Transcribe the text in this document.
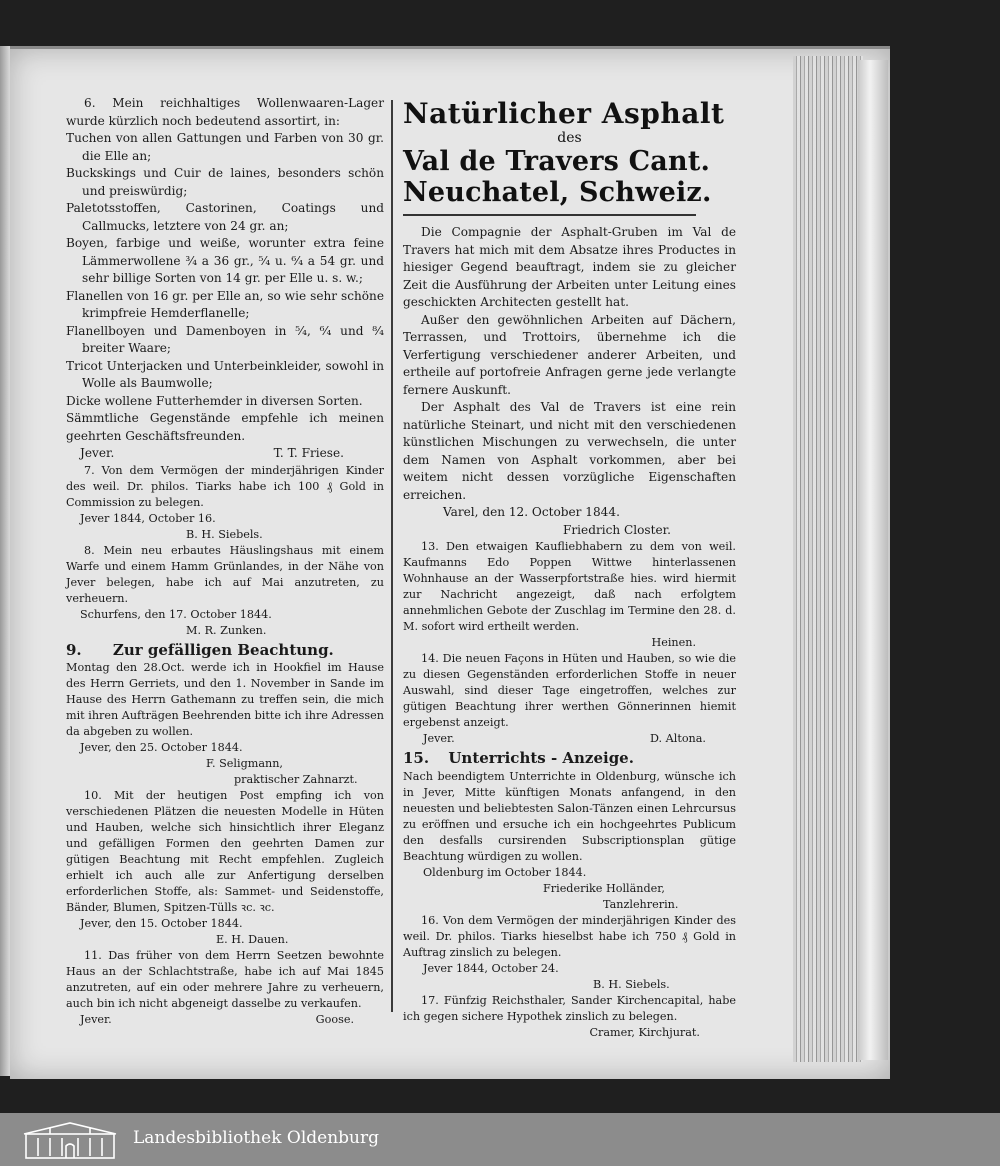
6. Mein reichhaltiges Wollenwaaren-Lager wurde kürzlich noch bedeutend assortirt, in:

Tuchen von allen Gattungen und Farben von 30 gr. die Elle an;

Buckskings und Cuir de laines, besonders schön und preiswürdig;

Paletotsstoffen, Castorinen, Coatings und Callmucks, letztere von 24 gr. an;

Boyen, farbige und weiße, worunter extra feine Lämmerwollene ¾ a 36 gr., ⁵⁄₄ u. ⁶⁄₄ a 54 gr. und sehr billige Sorten von 14 gr. per Elle u. s. w.;

Flanellen von 16 gr. per Elle an, so wie sehr schöne krimpfreie Hemderflanelle;

Flanellboyen und Damenboyen in ⁵⁄₄, ⁶⁄₄ und ⁸⁄₄ breiter Waare;

Tricot Unterjacken und Unterbeinkleider, sowohl in Wolle als Baumwolle;

Dicke wollene Futterhemder in diversen Sorten.

Sämmtliche Gegenstände empfehle ich meinen geehrten Geschäftsfreunden.

Jever.	T. T. Friese.

7. Von dem Vermögen der minderjährigen Kinder des weil. Dr. philos. Tiarks habe ich 100 ₰ Gold in Commission zu belegen.

Jever 1844, October 16.

B. H. Siebels.

8. Mein neu erbautes Häuslingshaus mit einem Warfe und einem Hamm Grünlandes, in der Nähe von Jever belegen, habe ich auf Mai anzutreten, zu verheuern.

Schurfens, den 17. October 1844.

M. R. Zunken.

9. Zur gefälligen Beachtung.

Montag den 28.Oct. werde ich in Hookfiel im Hause des Herrn Gerriets, und den 1. November in Sande im Hause des Herrn Gathemann zu treffen sein, die mich mit ihren Aufträgen Beehrenden bitte ich ihre Adressen da abgeben zu wollen.

Jever, den 25. October 1844.

F. Seligmann,

praktischer Zahnarzt.

10. Mit der heutigen Post empfing ich von verschiedenen Plätzen die neuesten Modelle in Hüten und Hauben, welche sich hinsichtlich ihrer Eleganz und gefälligen Formen den geehrten Damen zur gütigen Beachtung mit Recht empfehlen. Zugleich erhielt ich auch alle zur Anfertigung derselben erforderlichen Stoffe, als: Sammet- und Seidenstoffe, Bänder, Blumen, Spitzen-Tülls ꝛc. ꝛc.

Jever, den 15. October 1844.

E. H. Dauen.

11. Das früher von dem Herrn Seetzen bewohnte Haus an der Schlachtstraße, habe ich auf Mai 1845 anzutreten, auf ein oder mehrere Jahre zu verheuern, auch bin ich nicht abgeneigt dasselbe zu verkaufen.

Jever.	Goose.

Natürlicher Asphalt
des
Val de Travers Cant.
Neuchatel, Schweiz.

Die Compagnie der Asphalt-Gruben im Val de Travers hat mich mit dem Absatze ihres Productes in hiesiger Gegend beauftragt, indem sie zu gleicher Zeit die Ausführung der Arbeiten unter Leitung eines geschickten Architecten gestellt hat.

Außer den gewöhnlichen Arbeiten auf Dächern, Terrassen, und Trottoirs, übernehme ich die Verfertigung verschiedener anderer Arbeiten, und ertheile auf portofreie Anfragen gerne jede verlangte fernere Auskunft.

Der Asphalt des Val de Travers ist eine rein natürliche Steinart, und nicht mit den verschiedenen künstlichen Mischungen zu verwechseln, die unter dem Namen von Asphalt vorkommen, aber bei weitem nicht dessen vorzügliche Eigenschaften erreichen.

Varel, den 12. October 1844.

Friedrich Closter.

13. Den etwaigen Kaufliebhabern zu dem von weil. Kaufmanns Edo Poppen Wittwe hinterlassenen Wohnhause an der Wasserpfortstraße hies. wird hiermit zur Nachricht angezeigt, daß nach erfolgtem annehmlichen Gebote der Zuschlag im Termine den 28. d. M. sofort wird ertheilt werden.

Heinen.

14. Die neuen Façons in Hüten und Hauben, so wie die zu diesen Gegenständen erforderlichen Stoffe in neuer Auswahl, sind dieser Tage eingetroffen, welches zur gütigen Beachtung ihrer werthen Gönnerinnen hiemit ergebenst anzeigt.

Jever.	D. Altona.

15. Unterrichts - Anzeige.

Nach beendigtem Unterrichte in Oldenburg, wünsche ich in Jever, Mitte künftigen Monats anfangend, in den neuesten und beliebtesten Salon-Tänzen einen Lehrcursus zu eröffnen und ersuche ich ein hochgeehrtes Publicum den desfalls cursirenden Subscriptionsplan gütige Beachtung würdigen zu wollen.

Oldenburg im October 1844.

Friederike Holländer,

Tanzlehrerin.

16. Von dem Vermögen der minderjährigen Kinder des weil. Dr. philos. Tiarks hieselbst habe ich 750 ₰ Gold in Auftrag zinslich zu belegen.

Jever 1844, October 24.

B. H. Siebels.

17. Fünfzig Reichsthaler, Sander Kirchencapital, habe ich gegen sichere Hypothek zinslich zu belegen.

Cramer, Kirchjurat.

Landesbibliothek Oldenburg
